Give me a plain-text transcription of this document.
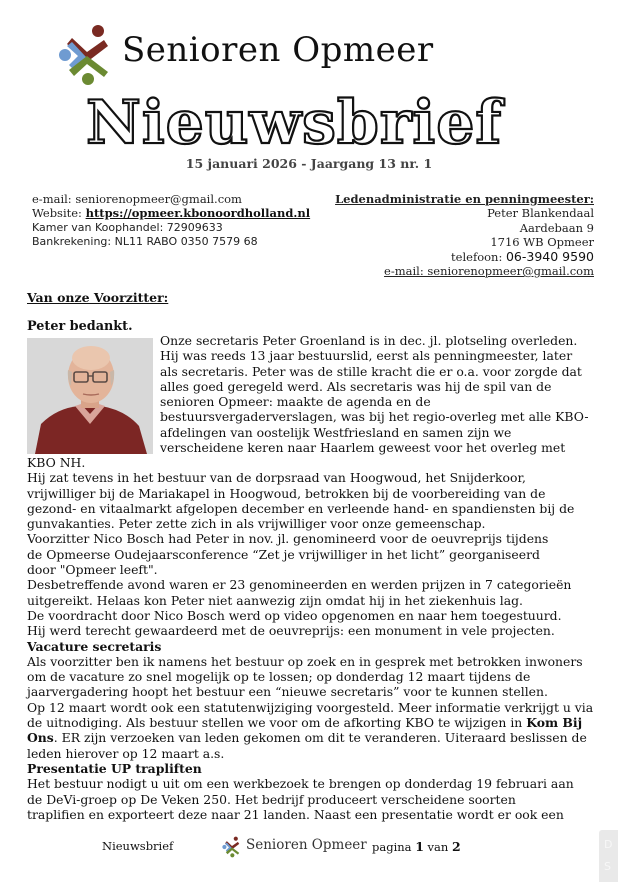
Senioren Opmeer
Nieuwsbrief
15 januari 2026 - Jaargang 13 nr. 1
e-mail: seniorenopmeer@gmail.com
Website: https://opmeer.kbonoordholland.nl
Kamer van Koophandel: 72909633
Bankrekening: NL11 RABO 0350 7579 68
Ledenadministratie en penningmeester:
Peter Blankendaal
Aardebaan 9
1716 WB Opmeer
telefoon: 06-3940 9590
e-mail: seniorenopmeer@gmail.com
Van onze Voorzitter:
Peter bedankt.
Onze secretaris Peter Groenland is in dec. jl. plotseling overleden.
Hij was reeds 13 jaar bestuurslid, eerst als penningmeester, later
als secretaris. Peter was de stille kracht die er o.a. voor zorgde dat
alles goed geregeld werd. Als secretaris was hij de spil van de
senioren Opmeer: maakte de agenda en de
bestuursvergaderverslagen, was bij het regio-overleg met alle KBO-
afdelingen van oostelijk Westfriesland en samen zijn we
verscheidene keren naar Haarlem geweest voor het overleg met
KBO NH.
Hij zat tevens in het bestuur van de dorpsraad van Hoogwoud, het Snijderkoor,
vrijwilliger bij de Mariakapel in Hoogwoud, betrokken bij de voorbereiding van de
gezond- en vitaalmarkt afgelopen december en verleende hand- en spandiensten bij de
gunvakanties. Peter zette zich in als vrijwilliger voor onze gemeenschap.
Voorzitter Nico Bosch had Peter in nov. jl. genomineerd voor de oeuvreprijs tijdens
de Opmeerse Oudejaarsconference “Zet je vrijwilliger in het licht” georganiseerd
door "Opmeer leeft".
Desbetreffende avond waren er 23 genomineerden en werden prijzen in 7 categorieën
uitgereikt. Helaas kon Peter niet aanwezig zijn omdat hij in het ziekenhuis lag.
De voordracht door Nico Bosch werd op video opgenomen en naar hem toegestuurd.
Hij werd terecht gewaardeerd met de oeuvreprijs: een monument in vele projecten.
Vacature secretaris
Als voorzitter ben ik namens het bestuur op zoek en in gesprek met betrokken inwoners
om de vacature zo snel mogelijk op te lossen; op donderdag 12 maart tijdens de
jaarvergadering hoopt het bestuur een “nieuwe secretaris” voor te kunnen stellen.
Op 12 maart wordt ook een statutenwijziging voorgesteld. Meer informatie verkrijgt u via
de uitnodiging. Als bestuur stellen we voor om de afkorting KBO te wijzigen in Kom Bij
Ons. ER zijn verzoeken van leden gekomen om dit te veranderen. Uiteraard beslissen de
leden hierover op 12 maart a.s.
Presentatie UP trapliften
Het bestuur nodigt u uit om een werkbezoek te brengen op donderdag 19 februari aan
de DeVi-groep op De Veken 250. Het bedrijf produceert verscheidene soorten
traplifien en exporteert deze naar 21 landen. Naast een presentatie wordt er ook een
Nieuwsbrief	Senioren Opmeer pagina 1 van 2	D
S
